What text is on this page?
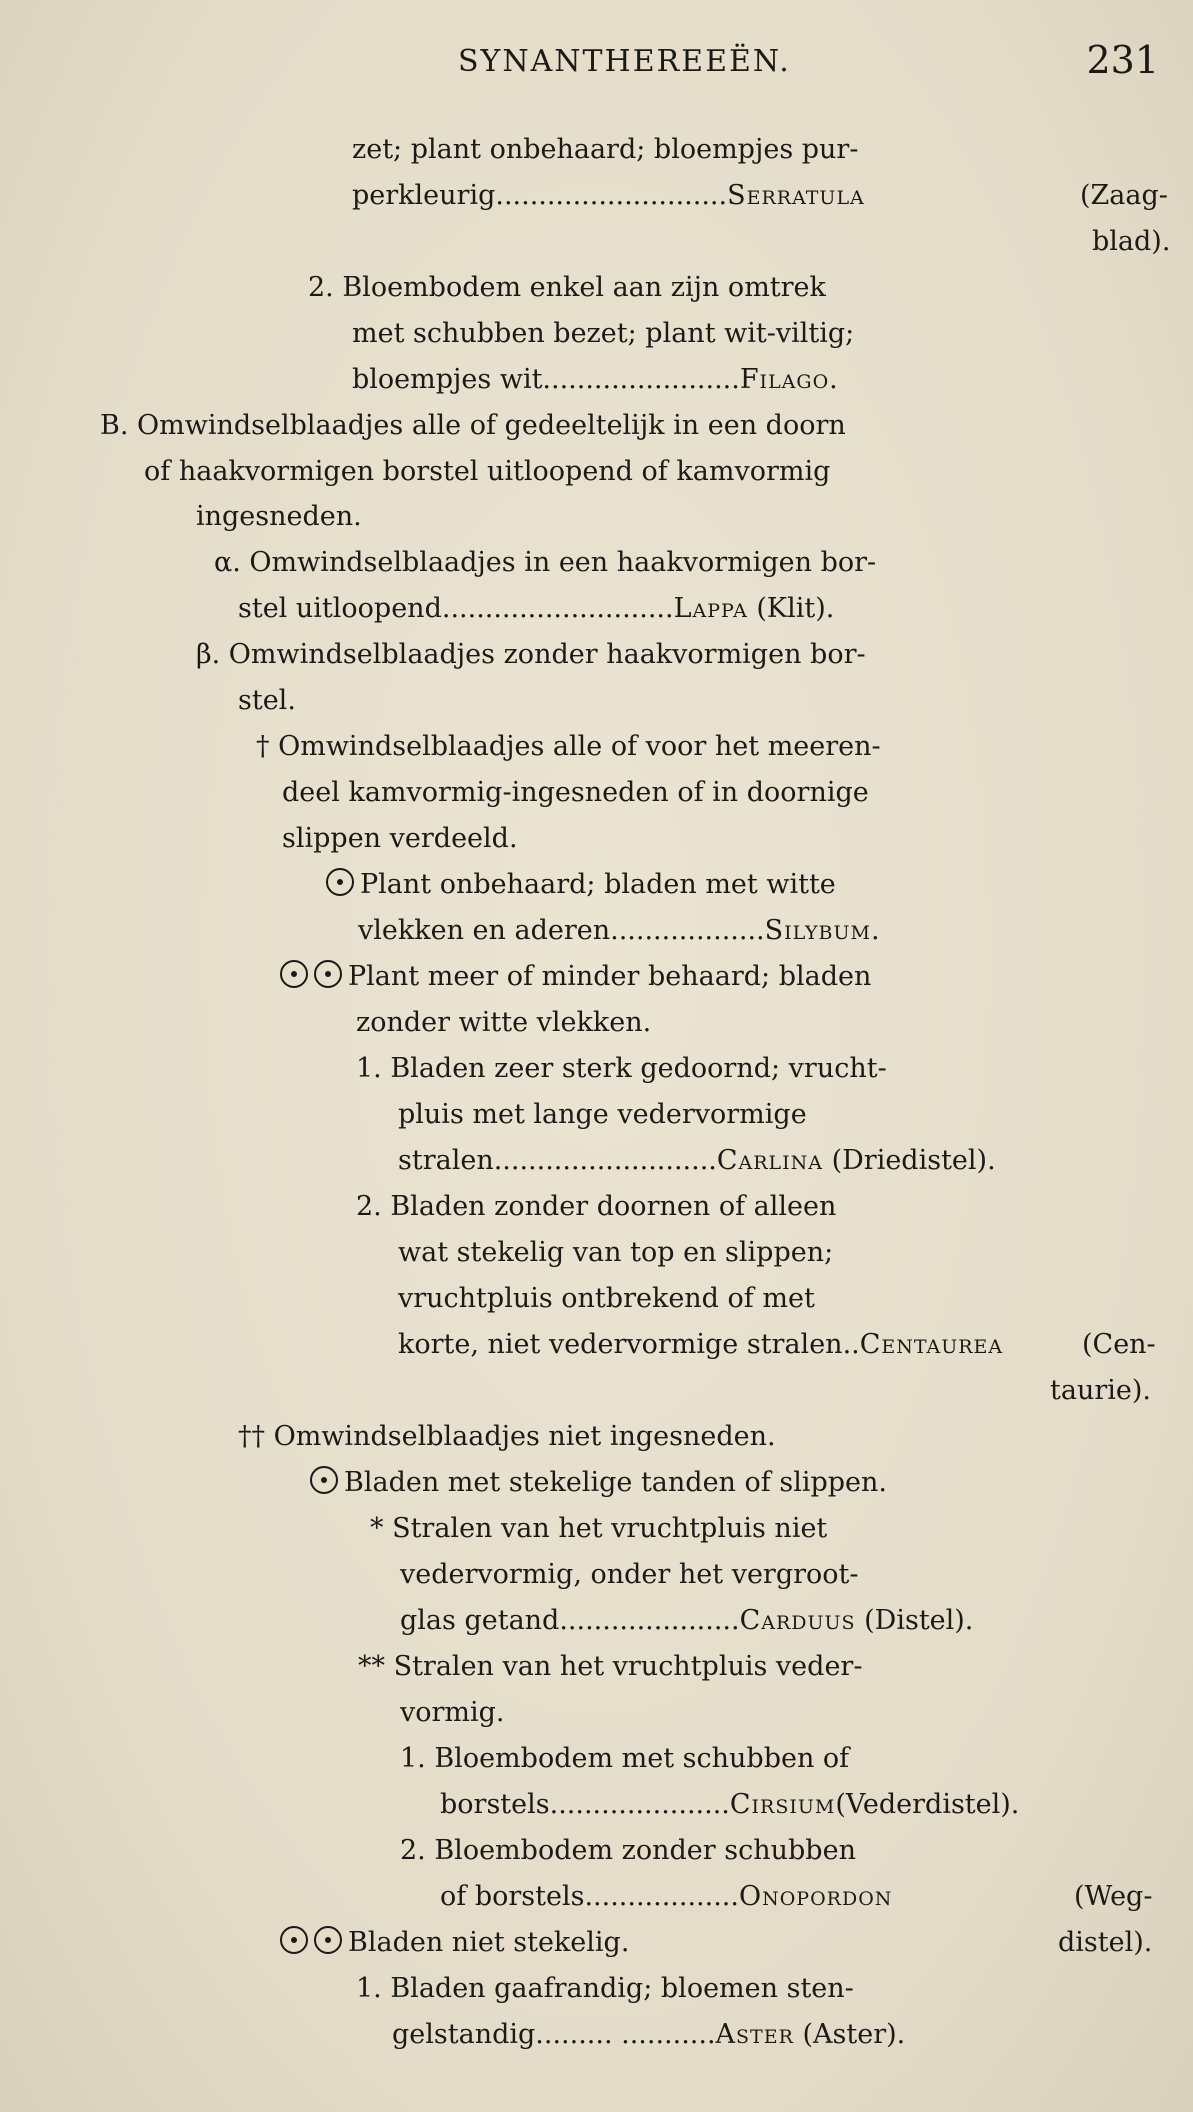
SYNANTHEREEËN.	231
zet; plant onbehaard; bloempjes pur-
perkleurig...........................Serratula	(Zaag-
blad).
2. Bloembodem enkel aan zijn omtrek
met schubben bezet; plant wit-viltig;
bloempjes wit.......................Filago.
B. Omwindselblaadjes alle of gedeeltelijk in een doorn
of haakvormigen borstel uitloopend of kamvormig
ingesneden.
α. Omwindselblaadjes in een haakvormigen bor-
stel uitloopend...........................Lappa (Klit).
β. Omwindselblaadjes zonder haakvormigen bor-
stel.
† Omwindselblaadjes alle of voor het meeren-
deel kamvormig-ingesneden of in doornige
slippen verdeeld.
Plant onbehaard; bladen met witte
vlekken en aderen..................Silybum.
Plant meer of minder behaard; bladen
zonder witte vlekken.
1. Bladen zeer sterk gedoornd; vrucht-
pluis met lange vedervormige
stralen..........................Carlina (Driedistel).
2. Bladen zonder doornen of alleen
wat stekelig van top en slippen;
vruchtpluis ontbrekend of met
korte, niet vedervormige stralen..Centaurea	(Cen-
taurie).
†† Omwindselblaadjes niet ingesneden.
Bladen met stekelige tanden of slippen.
* Stralen van het vruchtpluis niet
vedervormig, onder het vergroot-
glas getand.....................Carduus (Distel).
** Stralen van het vruchtpluis veder-
vormig.
1. Bloembodem met schubben of
borstels.....................Cirsium(Vederdistel).
2. Bloembodem zonder schubben
of borstels..................Onopordon	(Weg-
Bladen niet stekelig.	distel).
1. Bladen gaafrandig; bloemen sten-
gelstandig......... ...........Aster (Aster).
